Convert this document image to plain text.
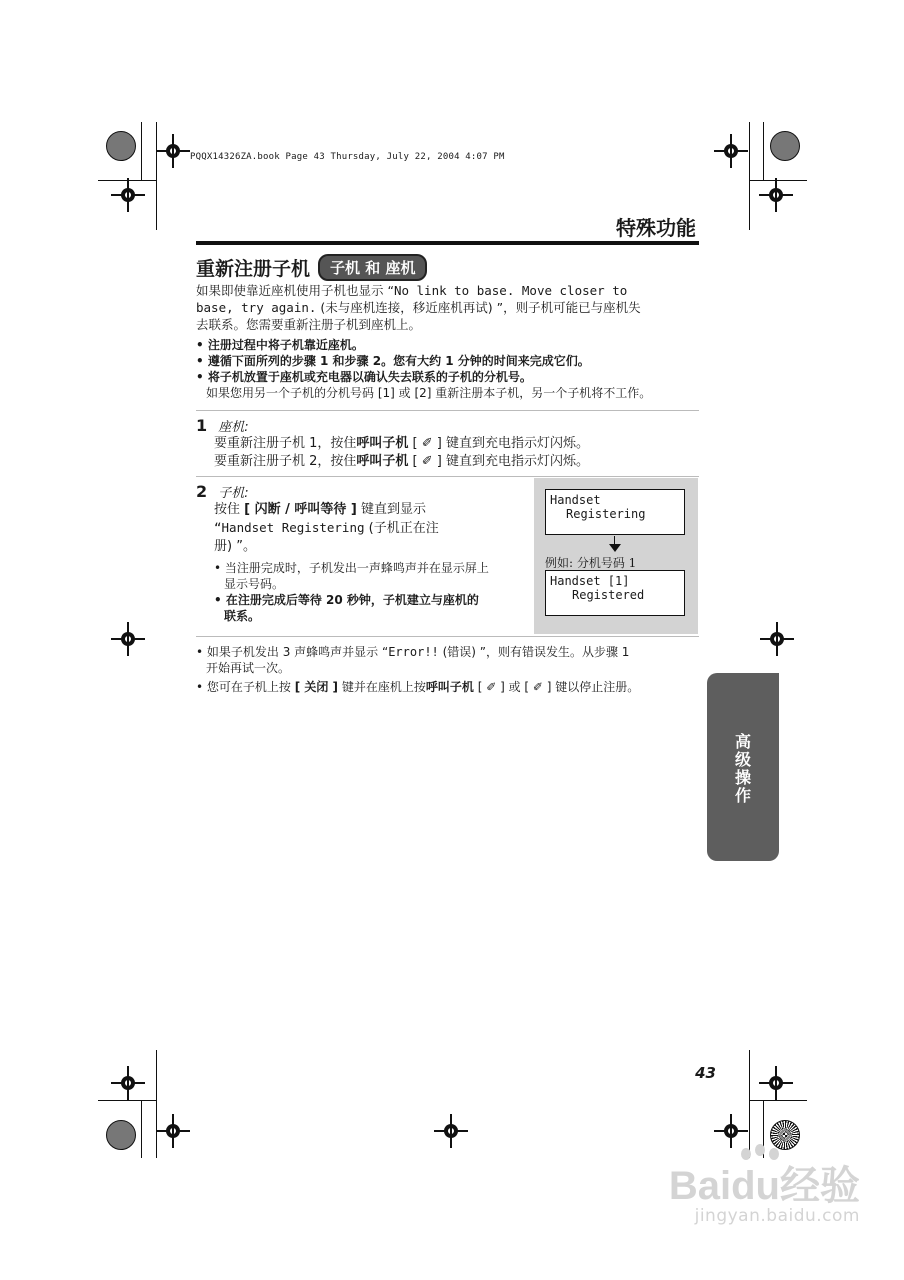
PQQX14326ZA.book Page 43 Thursday, July 22, 2004 4:07 PM
特殊功能
重新注册子机	子机 和 座机
如果即使靠近座机使用子机也显示 “No link to base. Move closer to
base, try again. (未与座机连接，移近座机再试) ”，则子机可能已与座机失
去联系。您需要重新注册子机到座机上。
• 注册过程中将子机靠近座机。
• 遵循下面所列的步骤 1 和步骤 2。您有大约 1 分钟的时间来完成它们。
• 将子机放置于座机或充电器以确认失去联系的子机的分机号。
如果您用另一个子机的分机号码 [1] 或 [2] 重新注册本子机，另一个子机将不工作。
1 座机:
要重新注册子机 1，按住呼叫子机 [ ✐ ] 键直到充电指示灯闪烁。
要重新注册子机 2，按住呼叫子机 [ ✐ ] 键直到充电指示灯闪烁。
2 子机:
按住 [ 闪断 / 呼叫等待 ] 键直到显示
“Handset Registering (子机正在注
册) ”。
• 当注册完成时，子机发出一声蜂鸣声并在显示屏上
显示号码。
• 在注册完成后等待 20 秒钟，子机建立与座机的
联系。
Handset
Registering
例如: 分机号码 1
Handset [1]
Registered
• 如果子机发出 3 声蜂鸣声并显示 “Error!! (错误) ”，则有错误发生。从步骤 1
开始再试一次。
• 您可在子机上按 [ 关闭 ] 键并在座机上按呼叫子机 [ ✐ ] 或 [ ✐ ] 键以停止注册。
高
级
操
作
43
Baidu经验
jingyan.baidu.com
